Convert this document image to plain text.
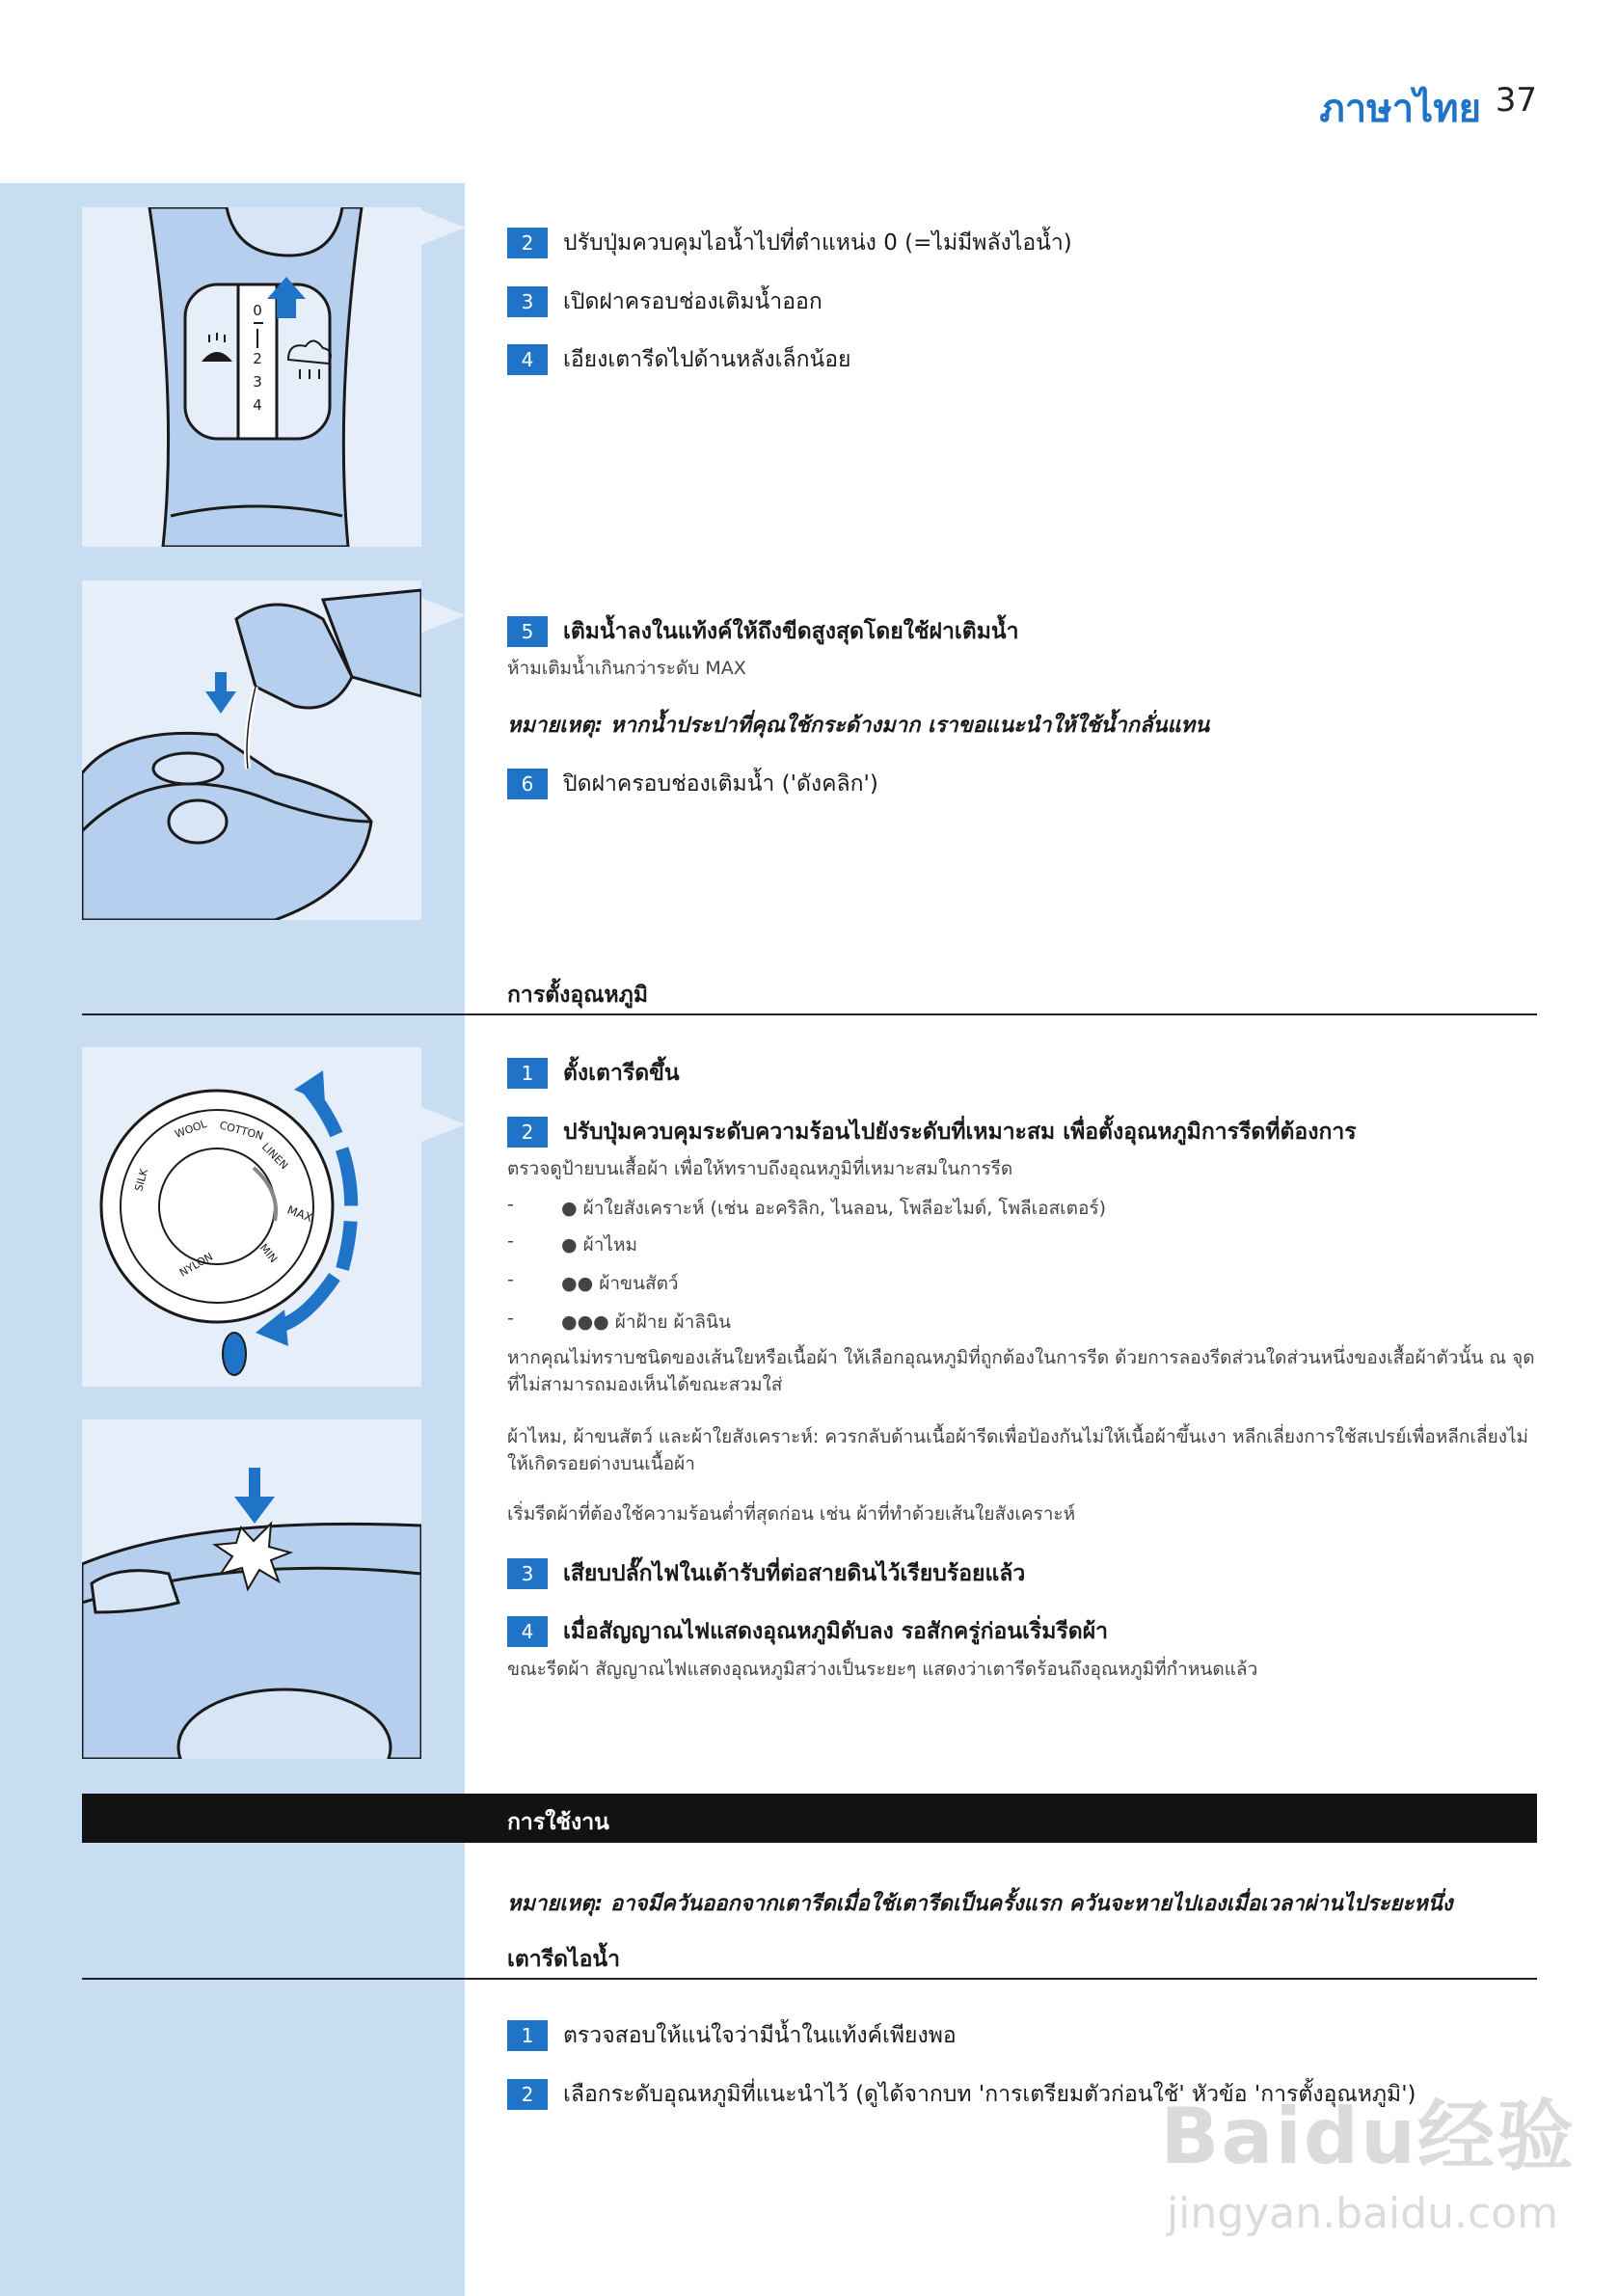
ภาษาไทย 37
0
2
3
4
MAX
MIN
NYLON
SILK
WOOL COTTON
LINEN
2	ปรับปุ่มควบคุมไอน้ำไปที่ตำแหน่ง 0 (=ไม่มีพลังไอน้ำ)
3	เปิดฝาครอบช่องเติมน้ำออก
4	เอียงเตารีดไปด้านหลังเล็กน้อย
5	เติมน้ำลงในแท้งค์ให้ถึงขีดสูงสุดโดยใช้ฝาเติมน้ำ
ห้ามเติมน้ำเกินกว่าระดับ MAX
หมายเหตุ: หากน้ำประปาที่คุณใช้กระด้างมาก เราขอแนะนำให้ใช้น้ำกลั่นแทน
6	ปิดฝาครอบช่องเติมน้ำ ('ดังคลิก')
การตั้งอุณหภูมิ
1	ตั้งเตารีดขึ้น
2	ปรับปุ่มควบคุมระดับความร้อนไปยังระดับที่เหมาะสม เพื่อตั้งอุณหภูมิการรีดที่ต้องการ
ตรวจดูป้ายบนเสื้อผ้า เพื่อให้ทราบถึงอุณหภูมิที่เหมาะสมในการรีด
-	● ผ้าใยสังเคราะห์ (เช่น อะคริลิก, ไนลอน, โพลีอะไมด์, โพลีเอสเตอร์)
-	● ผ้าไหม
-	●● ผ้าขนสัตว์
-	●●● ผ้าฝ้าย ผ้าลินิน
หากคุณไม่ทราบชนิดของเส้นใยหรือเนื้อผ้า ให้เลือกอุณหภูมิที่ถูกต้องในการรีด ด้วยการลองรีดส่วนใดส่วนหนึ่งของเสื้อผ้าตัวนั้น ณ จุดที่ไม่สามารถมองเห็นได้ขณะสวมใส่
ผ้าไหม, ผ้าขนสัตว์ และผ้าใยสังเคราะห์: ควรกลับด้านเนื้อผ้ารีดเพื่อป้องกันไม่ให้เนื้อผ้าขึ้นเงา หลีกเลี่ยงการใช้สเปรย์เพื่อหลีกเลี่ยงไม่ให้เกิดรอยด่างบนเนื้อผ้า
เริ่มรีดผ้าที่ต้องใช้ความร้อนต่ำที่สุดก่อน เช่น ผ้าที่ทำด้วยเส้นใยสังเคราะห์
3	เสียบปลั๊กไฟในเต้ารับที่ต่อสายดินไว้เรียบร้อยแล้ว
4	เมื่อสัญญาณไฟแสดงอุณหภูมิดับลง รอสักครู่ก่อนเริ่มรีดผ้า
ขณะรีดผ้า สัญญาณไฟแสดงอุณหภูมิสว่างเป็นระยะๆ แสดงว่าเตารีดร้อนถึงอุณหภูมิที่กำหนดแล้ว
การใช้งาน
หมายเหตุ: อาจมีควันออกจากเตารีดเมื่อใช้เตารีดเป็นครั้งแรก ควันจะหายไปเองเมื่อเวลาผ่านไประยะหนึ่ง
เตารีดไอน้ำ
1	ตรวจสอบให้แน่ใจว่ามีน้ำในแท้งค์เพียงพอ
2	เลือกระดับอุณหภูมิที่แนะนำไว้ (ดูได้จากบท 'การเตรียมตัวก่อนใช้' หัวข้อ 'การตั้งอุณหภูมิ')
Baidu经验
jingyan.baidu.com
